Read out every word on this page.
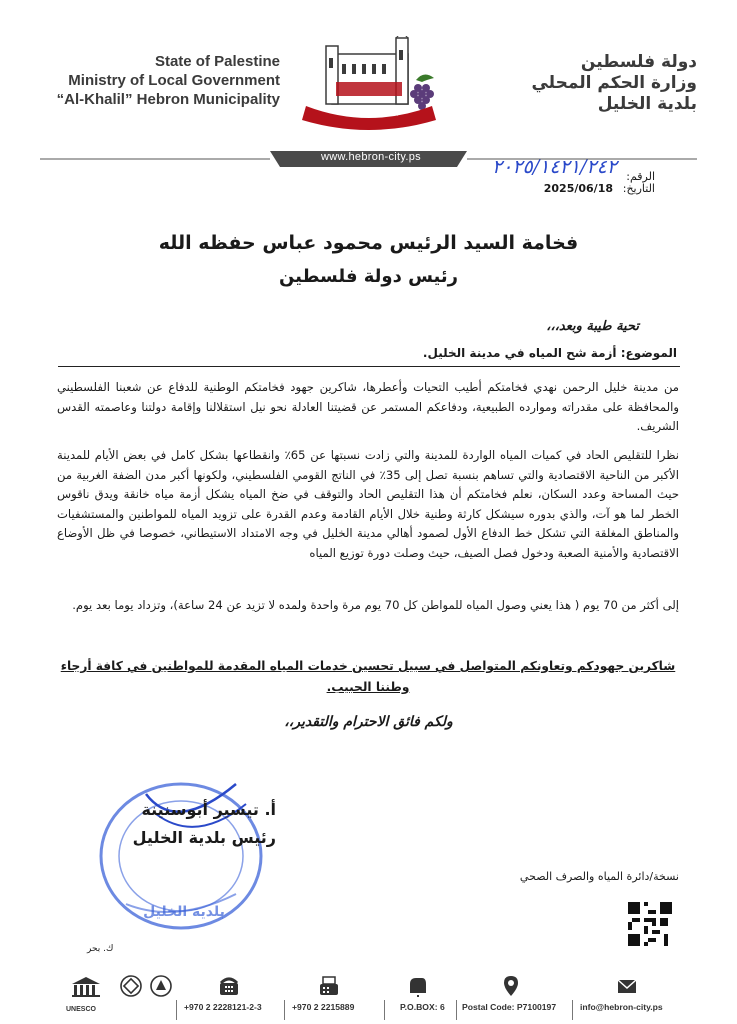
State of Palestine
Ministry of Local Government
“Al-Khalil” Hebron Municipality
دولة فلسطين
وزارة الحكم المحلي
بلدية الخليل
بلدية الخليل
www.hebron-city.ps
الرقم:
٢٠٢٥/١٤٢١/٢٤٢
التاريخ:
2025/06/18
فخامة السيد الرئيس محمود عباس حفظه الله
رئيس دولة فلسطين
تحية طيبة وبعد،،،
الموضوع: أزمة شح المياه في مدينة الخليل.
من مدينة خليل الرحمن نهدي فخامتكم أطيب التحيات وأعطرها، شاكرين جهود فخامتكم الوطنية للدفاع عن شعبنا الفلسطيني والمحافظة على مقدراته وموارده الطبيعية، ودفاعكم المستمر عن قضيتنا العادلة نحو نيل استقلالنا وإقامة دولتنا وعاصمته القدس الشريف.
نظرا للتقليص الحاد في كميات المياه الواردة للمدينة والتي زادت نسبتها عن 65٪ وانقطاعها بشكل كامل في بعض الأيام للمدينة الأكبر من الناحية الاقتصادية والتي تساهم بنسبة تصل إلى 35٪ في الناتج القومي الفلسطيني، ولكونها أكبر مدن الضفة الغربية من حيث المساحة وعدد السكان، نعلم فخامتكم أن هذا التقليص الحاد والتوقف في ضخ المياه يشكل أزمة مياه خانقة ويدق ناقوس الخطر لما هو آت، والذي بدوره سيشكل كارثة وطنية خلال الأيام القادمة وعدم القدرة على تزويد المياه للمواطنين والمستشفيات والمناطق المغلقة التي تشكل خط الدفاع الأول لصمود أهالي مدينة الخليل في وجه الامتداد الاستيطاني، خصوصا في ظل الأوضاع الاقتصادية والأمنية الصعبة ودخول فصل الصيف، حيث وصلت دورة توزيع المياه
إلى أكثر من 70 يوم ( هذا يعني وصول المياه للمواطن كل 70 يوم مرة واحدة ولمده لا تزيد عن 24 ساعة)، وتزداد يوما بعد يوم.
شاكرين جهودكم وتعاونكم المتواصل في سبيل تحسين خدمات المياه المقدمة للمواطنين في كافة أرجاء وطننا الحبيب.
ولكم فائق الاحترام والتقدير،،
بلدية الخليل
أ. تيسير أبوسنينة
رئيس بلدية الخليل
نسخة/دائرة المياه والصرف الصحي
ك. بحر
UNESCO	+970 2 2228121-2-3	+970 2 2215889	P.O.BOX: 6 Postal Code: P7100197	info@hebron-city.ps
